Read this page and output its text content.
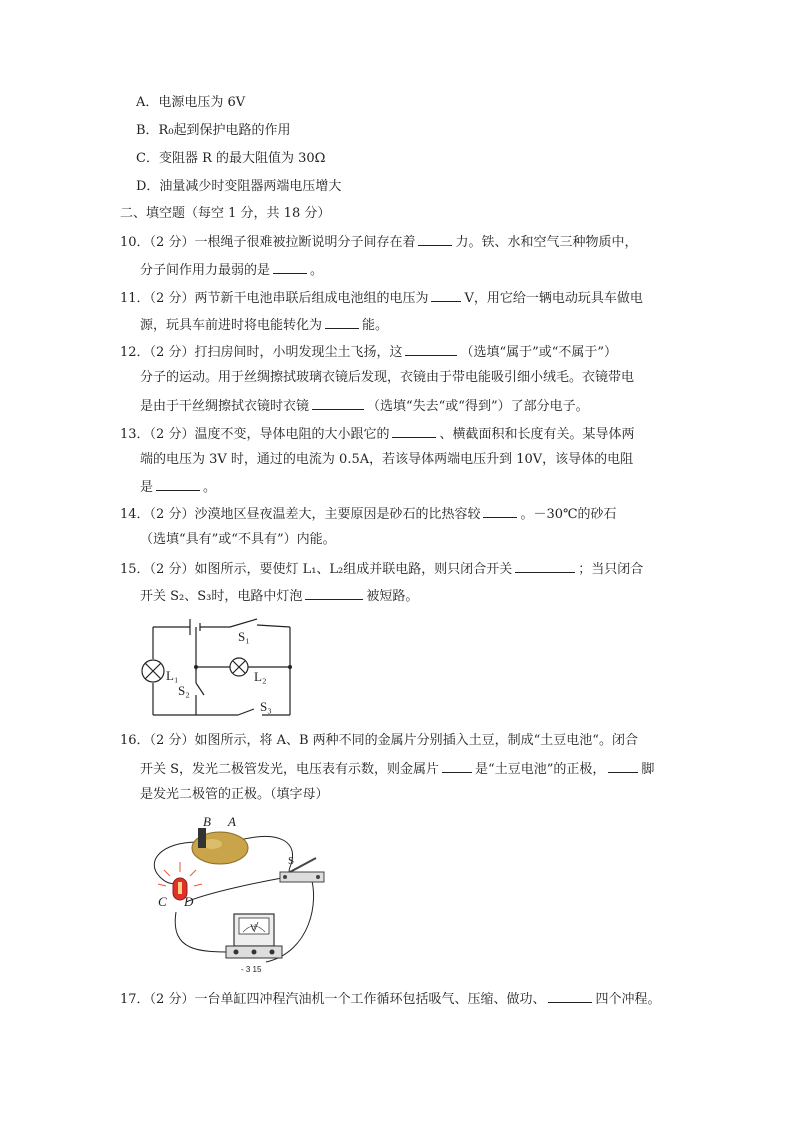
A．电源电压为 6V
B．R₀起到保护电路的作用
C．变阻器 R 的最大阻值为 30Ω
D．油量减少时变阻器两端电压增大
二、填空题（每空 1 分，共 18 分）
10．（2 分）一根绳子很难被拉断说明分子间存在着	力。铁、水和空气三种物质中，
分子间作用力最弱的是	。
11．（2 分）两节新干电池串联后组成电池组的电压为	V，用它给一辆电动玩具车做电
源，玩具车前进时将电能转化为	能。
12．（2 分）打扫房间时，小明发现尘土飞扬，这	（选填“属于”或“不属于”）
分子的运动。用于丝绸擦拭玻璃衣镜后发现，衣镜由于带电能吸引细小绒毛。衣镜带电
是由于干丝绸擦拭衣镜时衣镜	（选填“失去“或“得到”）了部分电子。
13．（2 分）温度不变，导体电阻的大小跟它的	、横截面积和长度有关。某导体两
端的电压为 3V 时，通过的电流为 0.5A，若该导体两端电压升到 10V，该导体的电阻
是	。
14．（2 分）沙漠地区昼夜温差大，主要原因是砂石的比热容较	。－30℃的砂石
（选填“具有”或“不具有”）内能。
15．（2 分）如图所示，要使灯 L₁、L₂组成并联电路，则只闭合开关	；当只闭合
开关 S₂、S₃时，电路中灯泡	被短路。
S₁
L₁	L₂
S₂
S₃
16．（2 分）如图所示，将 A、B 两种不同的金属片分别插入土豆，制成“土豆电池“。闭合
开关 S，发光二极管发光，电压表有示数，则金属片	是“土豆电池”的正极，	脚
是发光二极管的正极。（填字母）
B A
C D
S
V
- 3 15
17．（2 分）一台单缸四冲程汽油机一个工作循环包括吸气、压缩、做功、	四个冲程。
